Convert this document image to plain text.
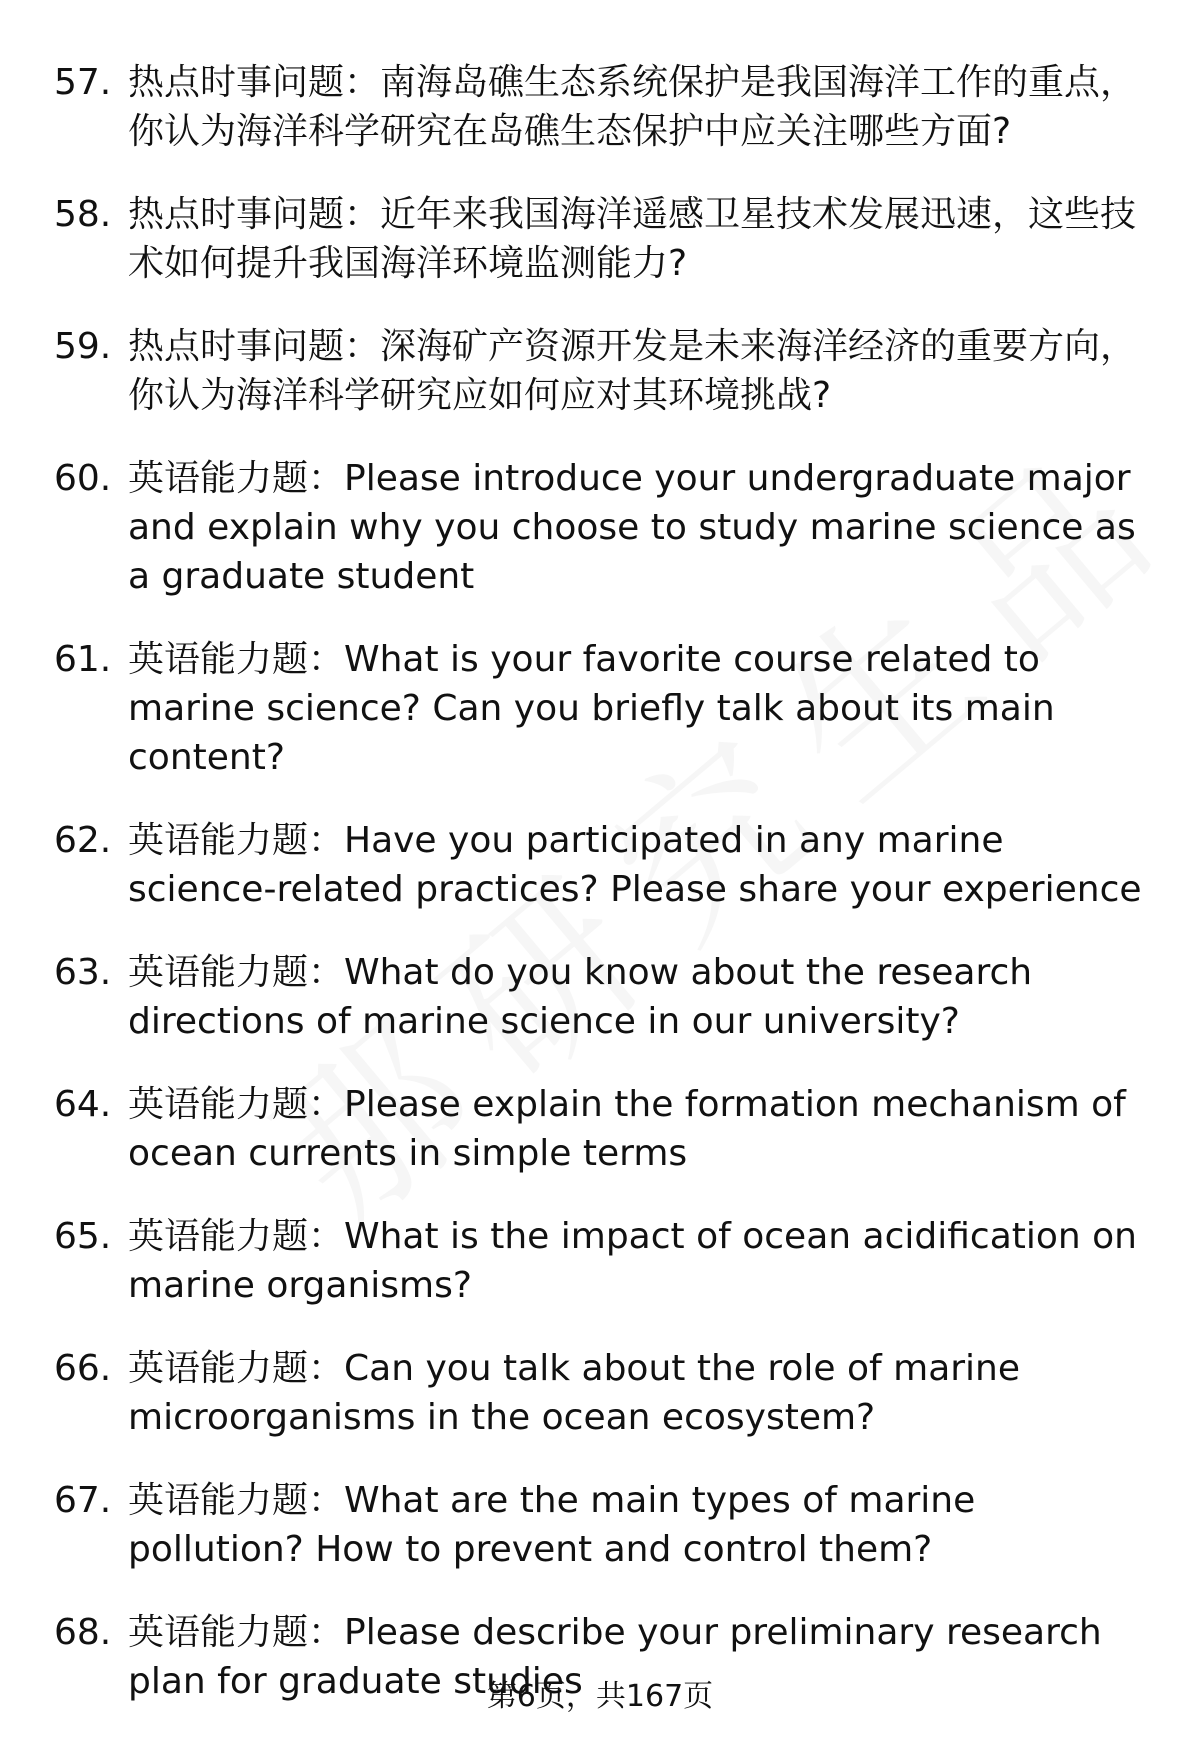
57. 热点时事问题：南海岛礁生态系统保护是我国海洋工作的重点，你认为海洋科学研究在岛礁生态保护中应关注哪些方面?
58. 热点时事问题：近年来我国海洋遥感卫星技术发展迅速，这些技术如何提升我国海洋环境监测能力?
59. 热点时事问题：深海矿产资源开发是未来海洋经济的重要方向，你认为海洋科学研究应如何应对其环境挑战?
60. 英语能力题：Please introduce your undergraduate major and explain why you choose to study marine science as a graduate student
61. 英语能力题：What is your favorite course related to marine science? Can you briefly talk about its main content?
62. 英语能力题：Have you participated in any marine science-related practices? Please share your experience
63. 英语能力题：What do you know about the research directions of marine science in our university?
64. 英语能力题：Please explain the formation mechanism of ocean currents in simple terms
65. 英语能力题：What is the impact of ocean acidification on marine organisms?
66. 英语能力题：Can you talk about the role of marine microorganisms in the ocean ecosystem?
67. 英语能力题：What are the main types of marine pollution? How to prevent and control them?
68. 英语能力题：Please describe your preliminary research plan for graduate studies
第6页，共167页
